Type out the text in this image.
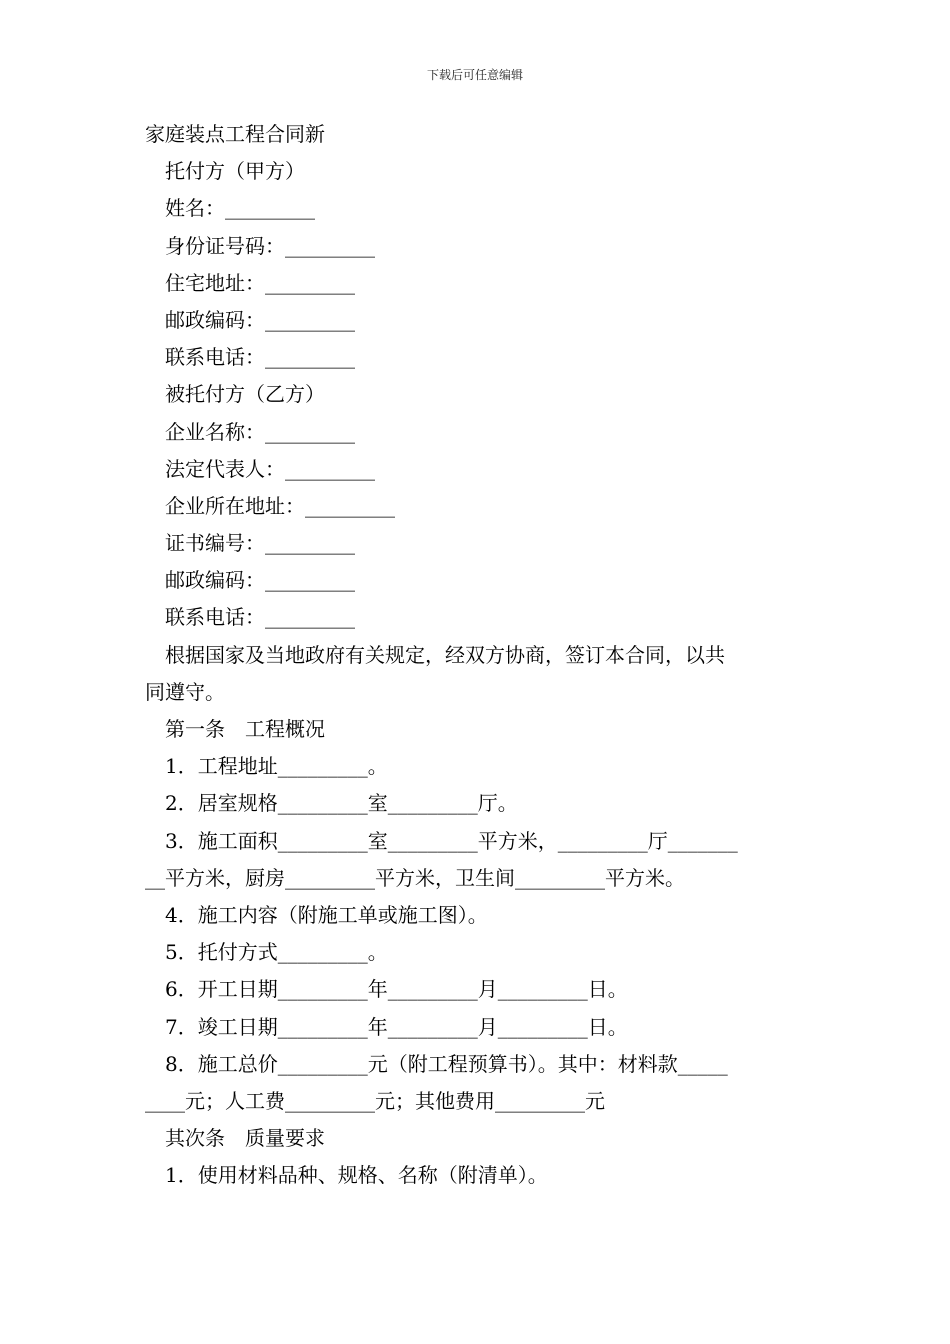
下载后可任意编辑
家庭装点工程合同新
托付方（甲方）
姓名：_________
身份证号码：_________
住宅地址：_________
邮政编码：_________
联系电话：_________
被托付方（乙方）
企业名称：_________
法定代表人：_________
企业所在地址：_________
证书编号：_________
邮政编码：_________
联系电话：_________
根据国家及当地政府有关规定，经双方协商，签订本合同，以共
同遵守。
第一条　工程概况
1．工程地址_________。
2．居室规格_________室_________厅。
3．施工面积_________室_________平方米，_________厅_______
__平方米，厨房_________平方米，卫生间_________平方米。
4．施工内容（附施工单或施工图）。
5．托付方式_________。
6．开工日期_________年_________月_________日。
7．竣工日期_________年_________月_________日。
8．施工总价_________元（附工程预算书）。其中：材料款_____
____元；人工费_________元；其他费用_________元
其次条　质量要求
1．使用材料品种、规格、名称（附清单）。
